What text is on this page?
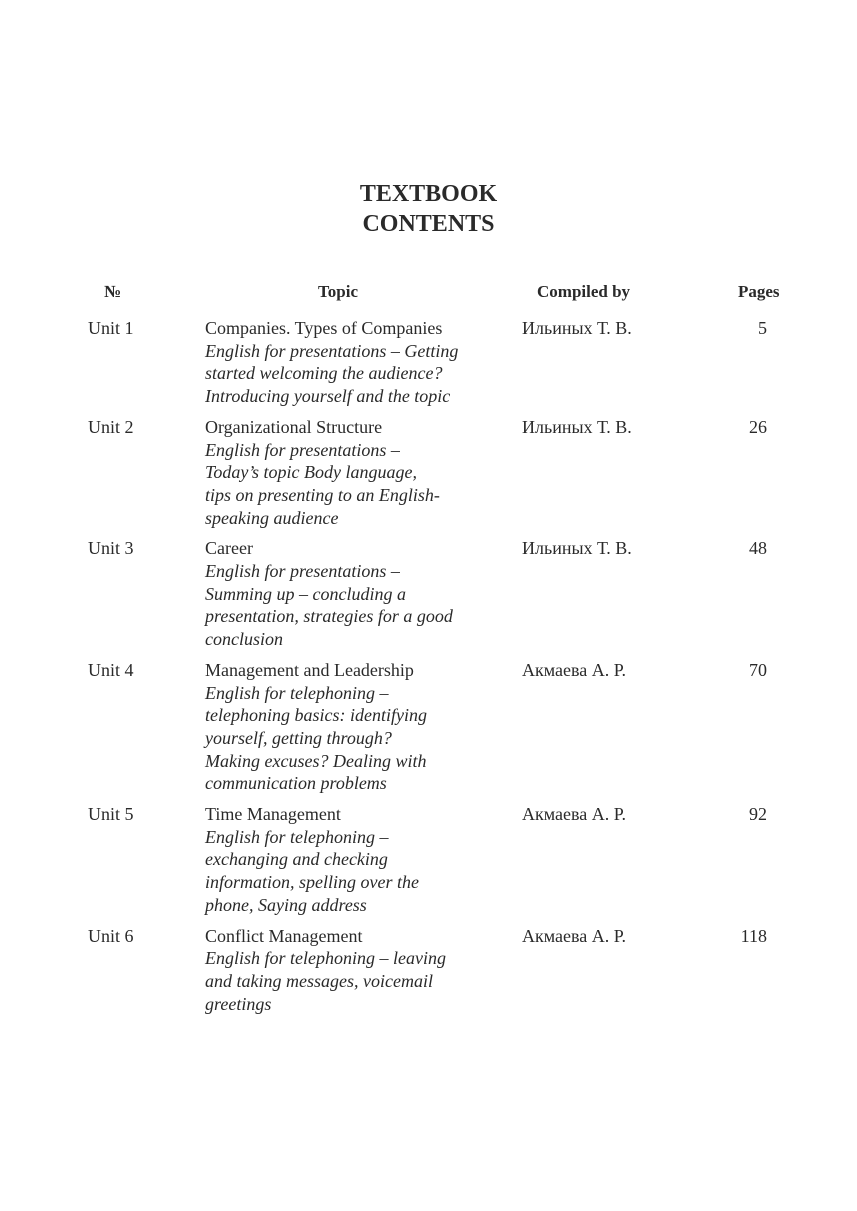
TEXTBOOK
CONTENTS
№	Topic	Compiled by	Pages
Unit 1	Companies. Types of Companies
English for presentations – Getting
started welcoming the audience?
Introducing yourself and the topic
Ильиных Т. В.	5
Unit 2	Organizational Structure
English for presentations –
Today’s topic Body language,
tips on presenting to an English-
speaking audience
Ильиных Т. В.	26
Unit 3	Career
English for presentations –
Summing up – concluding a
presentation, strategies for a good
conclusion
Ильиных Т. В.	48
Unit 4	Management and Leadership
English for telephoning –
telephoning basics: identifying
yourself, getting through?
Making excuses? Dealing with
communication problems
Акмаева А. Р.	70
Unit 5	Time Management
English for telephoning –
exchanging and checking
information, spelling over the
phone, Saying address
Акмаева А. Р.	92
Unit 6	Conflict Management
English for telephoning – leaving
and taking messages, voicemail
greetings
Акмаева А. Р.	118
